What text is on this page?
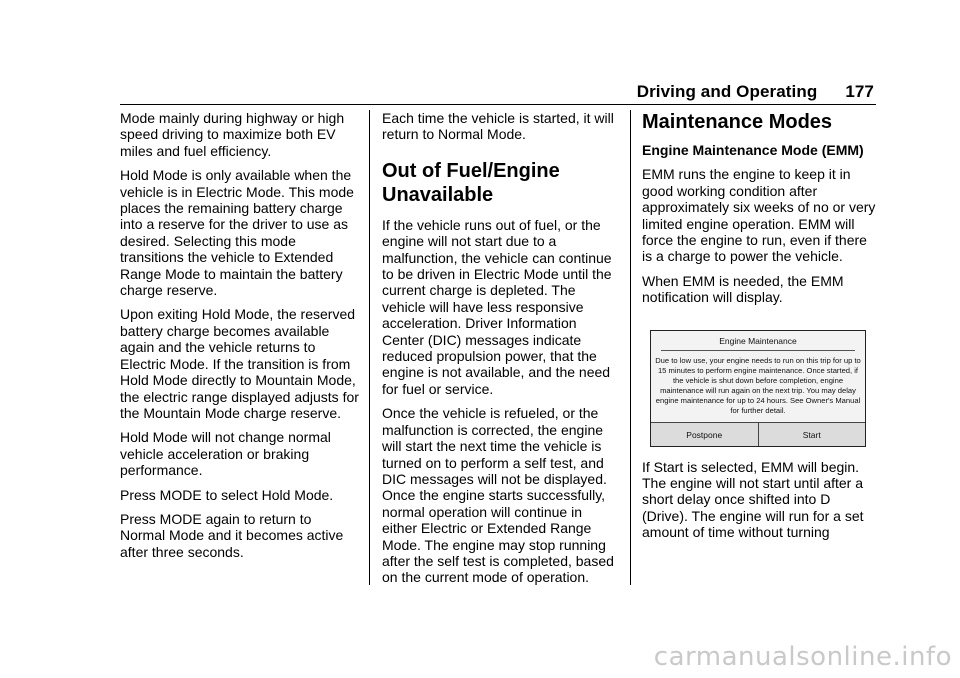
Driving and Operating 177

Mode mainly during highway or high speed driving to maximize both EV miles and fuel efficiency.

Hold Mode is only available when the vehicle is in Electric Mode. This mode places the remaining battery charge into a reserve for the driver to use as desired. Selecting this mode transitions the vehicle to Extended Range Mode to maintain the battery charge reserve.

Upon exiting Hold Mode, the reserved battery charge becomes available again and the vehicle returns to Electric Mode. If the transition is from Hold Mode directly to Mountain Mode, the electric range displayed adjusts for the Mountain Mode charge reserve.

Hold Mode will not change normal vehicle acceleration or braking performance.

Press MODE to select Hold Mode.

Press MODE again to return to Normal Mode and it becomes active after three seconds.

Each time the vehicle is started, it will return to Normal Mode.

Out of Fuel/Engine Unavailable

If the vehicle runs out of fuel, or the engine will not start due to a malfunction, the vehicle can continue to be driven in Electric Mode until the current charge is depleted. The vehicle will have less responsive acceleration. Driver Information Center (DIC) messages indicate reduced propulsion power, that the engine is not available, and the need for fuel or service.

Once the vehicle is refueled, or the malfunction is corrected, the engine will start the next time the vehicle is turned on to perform a self test, and DIC messages will not be displayed. Once the engine starts successfully, normal operation will continue in either Electric or Extended Range Mode. The engine may stop running after the self test is completed, based on the current mode of operation.

Maintenance Modes

Engine Maintenance Mode (EMM)

EMM runs the engine to keep it in good working condition after approximately six weeks of no or very limited engine operation. EMM will force the engine to run, even if there is a charge to power the vehicle.

When EMM is needed, the EMM notification will display.

Engine Maintenance
Due to low use, your engine needs to run on this trip for up to 15 minutes to perform engine maintenance. Once started, if the vehicle is shut down before completion, engine maintenance will run again on the next trip. You may delay engine maintenance for up to 24 hours. See Owner's Manual for further detail.
Postpone	Start

If Start is selected, EMM will begin. The engine will not start until after a short delay once shifted into D (Drive). The engine will run for a set amount of time without turning

carmanualsonline.info
